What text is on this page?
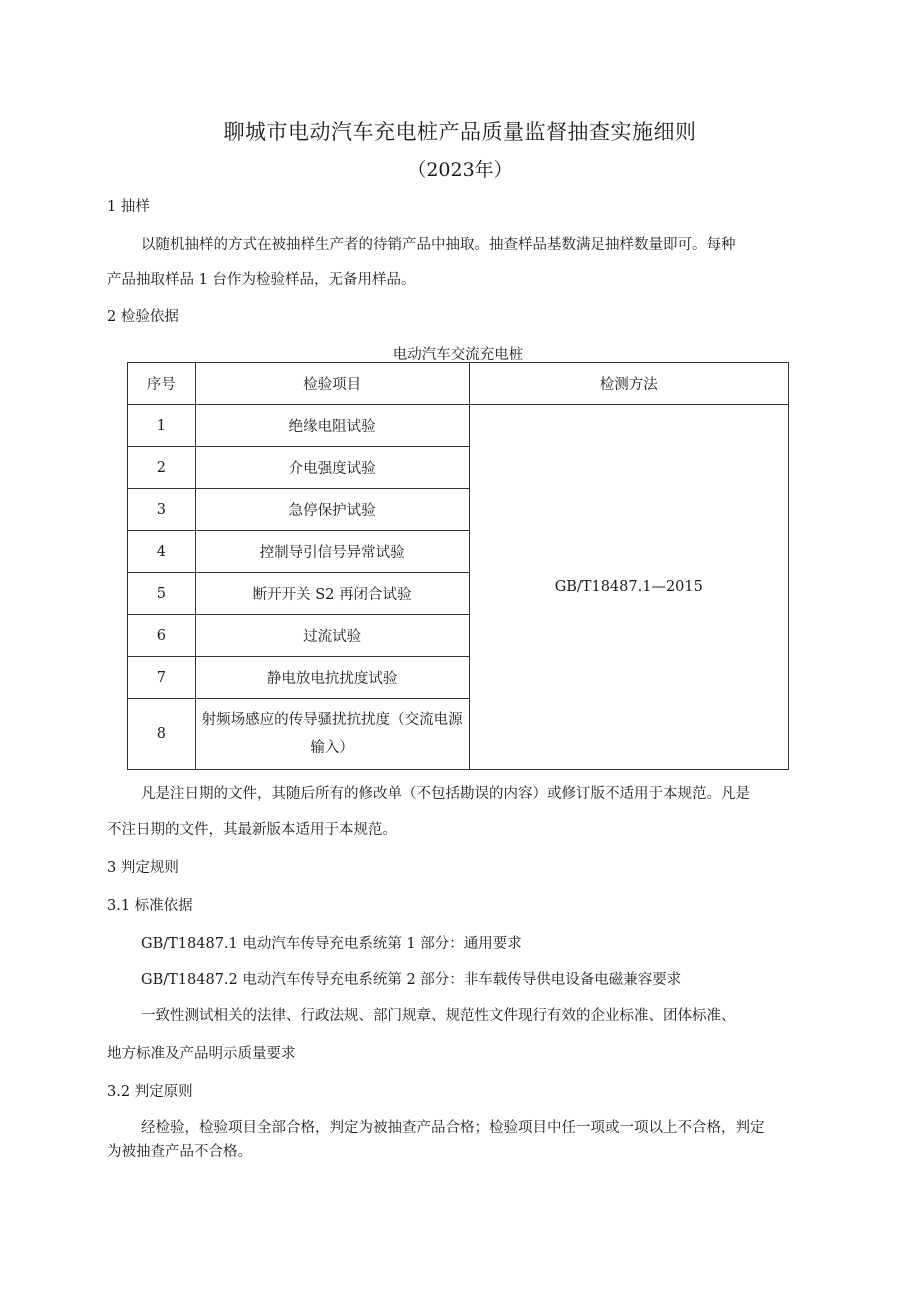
聊城市电动汽车充电桩产品质量监督抽查实施细则
（2023年）
1 抽样
以随机抽样的方式在被抽样生产者的待销产品中抽取。抽查样品基数满足抽样数量即可。每种
产品抽取样品 1 台作为检验样品，无备用样品。
2 检验依据
电动汽车交流充电桩
序号	检验项目	检测方法
1	绝缘电阻试验	GB/T18487.1—2015
2	介电强度试验	
3	急停保护试验	
4	控制导引信号异常试验	
5	断开开关 S2 再闭合试验	
6	过流试验	
7	静电放电抗扰度试验	
8	射频场感应的传导骚扰抗扰度（交流电源输入）	
凡是注日期的文件，其随后所有的修改单（不包括勘误的内容）或修订版不适用于本规范。凡是
不注日期的文件，其最新版本适用于本规范。
3 判定规则
3.1 标准依据
GB/T18487.1 电动汽车传导充电系统第 1 部分：通用要求
GB/T18487.2 电动汽车传导充电系统第 2 部分：非车载传导供电设备电磁兼容要求
一致性测试相关的法律、行政法规、部门规章、规范性文件现行有效的企业标准、团体标准、
地方标准及产品明示质量要求
3.2 判定原则
经检验，检验项目全部合格，判定为被抽查产品合格；检验项目中任一项或一项以上不合格，判定
为被抽查产品不合格。
